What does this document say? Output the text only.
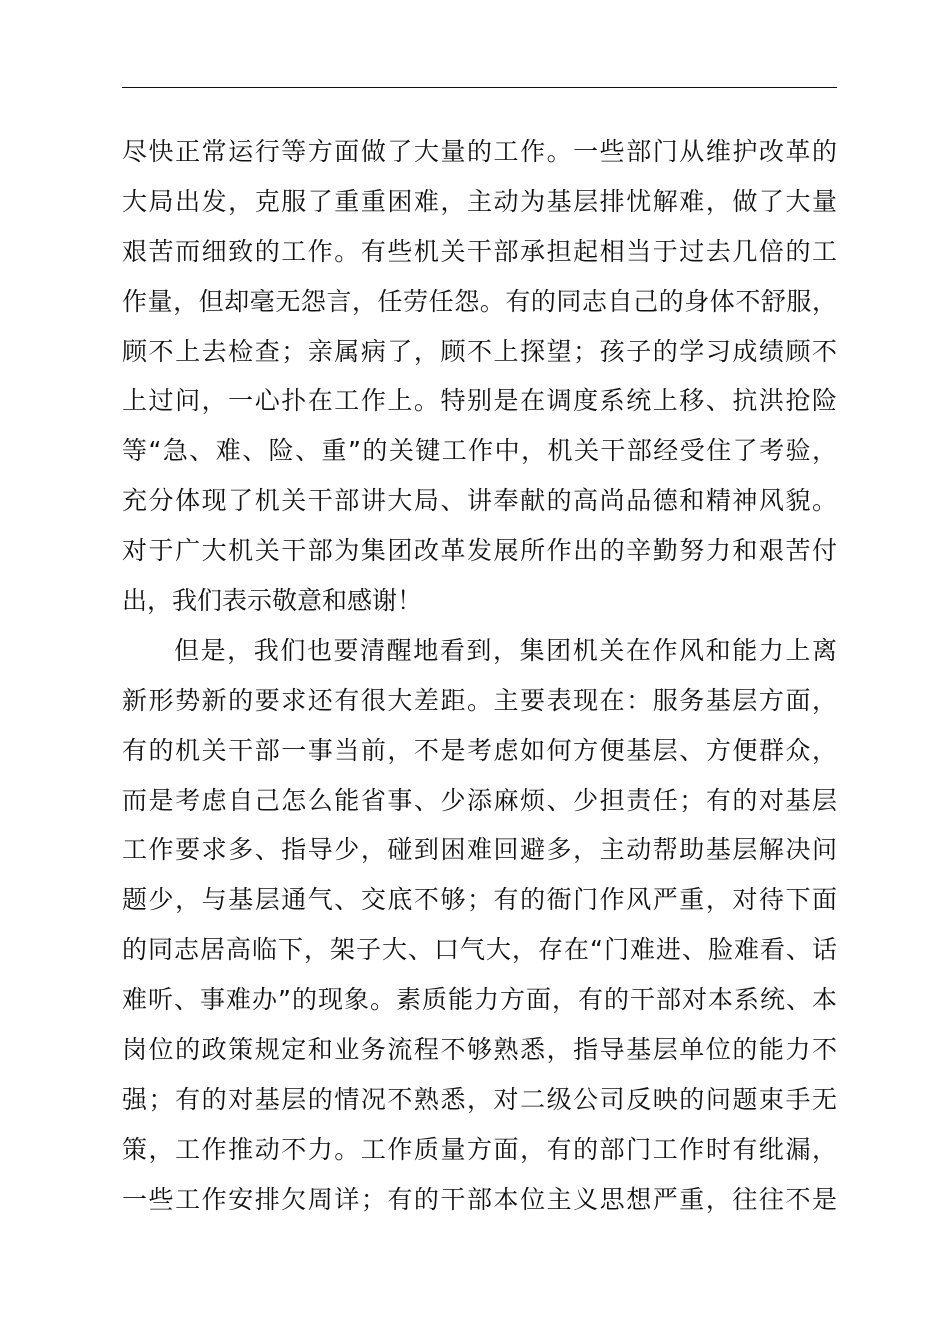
尽快正常运行等方面做了大量的工作。一些部门从维护改革的
大局出发，克服了重重困难，主动为基层排忧解难，做了大量
艰苦而细致的工作。有些机关干部承担起相当于过去几倍的工
作量，但却毫无怨言，任劳任怨。有的同志自己的身体不舒服，
顾不上去检查；亲属病了，顾不上探望；孩子的学习成绩顾不
上过问，一心扑在工作上。特别是在调度系统上移、抗洪抢险
等“急、难、险、重”的关键工作中，机关干部经受住了考验，
充分体现了机关干部讲大局、讲奉献的高尚品德和精神风貌。
对于广大机关干部为集团改革发展所作出的辛勤努力和艰苦付
出，我们表示敬意和感谢！
但是，我们也要清醒地看到，集团机关在作风和能力上离
新形势新的要求还有很大差距。主要表现在：服务基层方面，
有的机关干部一事当前，不是考虑如何方便基层、方便群众，
而是考虑自己怎么能省事、少添麻烦、少担责任；有的对基层
工作要求多、指导少，碰到困难回避多，主动帮助基层解决问
题少，与基层通气、交底不够；有的衙门作风严重，对待下面
的同志居高临下，架子大、口气大，存在“门难进、脸难看、话
难听、事难办”的现象。素质能力方面，有的干部对本系统、本
岗位的政策规定和业务流程不够熟悉，指导基层单位的能力不
强；有的对基层的情况不熟悉，对二级公司反映的问题束手无
策，工作推动不力。工作质量方面，有的部门工作时有纰漏，
一些工作安排欠周详；有的干部本位主义思想严重，往往不是
